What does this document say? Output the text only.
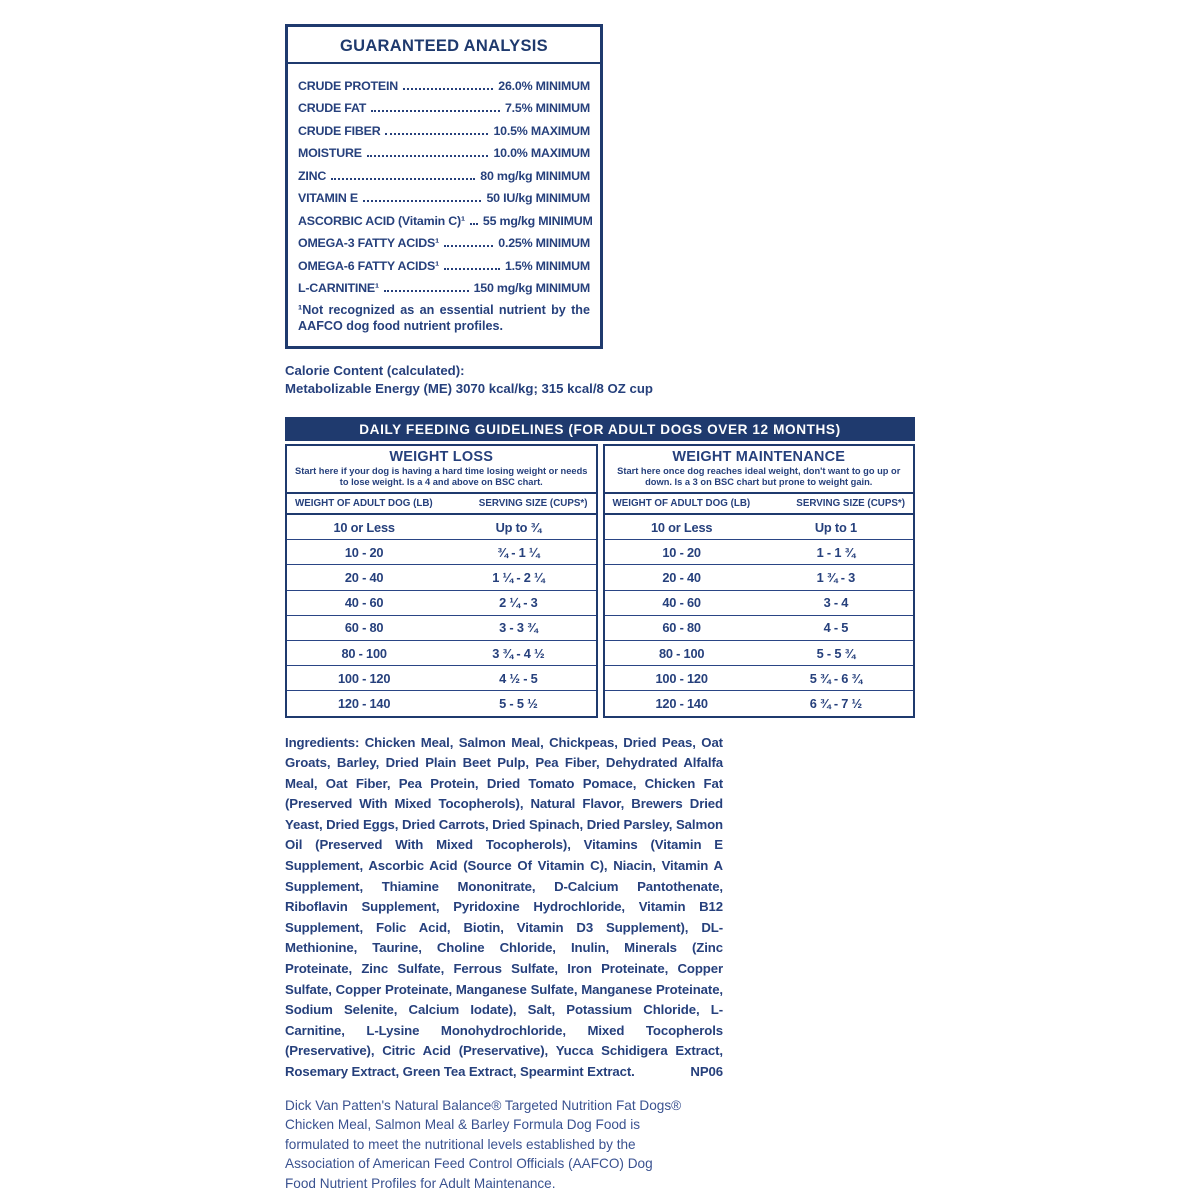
GUARANTEED ANALYSIS
CRUDE PROTEIN	26.0% MINIMUM
CRUDE FAT	7.5% MINIMUM
CRUDE FIBER	10.5% MAXIMUM
MOISTURE	10.0% MAXIMUM
ZINC	80 mg/kg MINIMUM
VITAMIN E	50 IU/kg MINIMUM
ASCORBIC ACID (Vitamin C)¹ 55 mg/kg MINIMUM
OMEGA-3 FATTY ACIDS¹	0.25% MINIMUM
OMEGA-6 FATTY ACIDS¹	1.5% MINIMUM
L-CARNITINE¹	150 mg/kg MINIMUM
¹Not recognized as an essential nutrient by the AAFCO dog food nutrient profiles.
Calorie Content (calculated):
Metabolizable Energy (ME) 3070 kcal/kg; 315 kcal/8 OZ cup
DAILY FEEDING GUIDELINES (FOR ADULT DOGS OVER 12 MONTHS)
WEIGHT LOSS
Start here if your dog is having a hard time losing weight or needs to lose weight. Is a 4 and above on BSC chart.
WEIGHT OF ADULT DOG (LB)	SERVING SIZE (CUPS*)
10 or Less	Up to ¾
10 - 20	¾ - 1 ¼
20 - 40	1 ¼ - 2 ¼
40 - 60	2 ¼ - 3
60 - 80	3 - 3 ¾
80 - 100	3 ¾ - 4 ½
100 - 120	4 ½ - 5
120 - 140	5 - 5 ½
WEIGHT MAINTENANCE
Start here once dog reaches ideal weight, don't want to go up or down. Is a 3 on BSC chart but prone to weight gain.
WEIGHT OF ADULT DOG (LB)	SERVING SIZE (CUPS*)
10 or Less	Up to 1
10 - 20	1 - 1 ¾
20 - 40	1 ¾ - 3
40 - 60	3 - 4
60 - 80	4 - 5
80 - 100	5 - 5 ¾
100 - 120	5 ¾ - 6 ¾
120 - 140	6 ¾ - 7 ½
Ingredients: Chicken Meal, Salmon Meal, Chickpeas, Dried Peas, Oat Groats, Barley, Dried Plain Beet Pulp, Pea Fiber, Dehydrated Alfalfa Meal, Oat Fiber, Pea Protein, Dried Tomato Pomace, Chicken Fat (Preserved With Mixed Tocopherols), Natural Flavor, Brewers Dried Yeast, Dried Eggs, Dried Carrots, Dried Spinach, Dried Parsley, Salmon Oil (Preserved With Mixed Tocopherols), Vitamins (Vitamin E Supplement, Ascorbic Acid (Source Of Vitamin C), Niacin, Vitamin A Supplement, Thiamine Mononitrate, D-Calcium Pantothenate, Riboflavin Supplement, Pyridoxine Hydrochloride, Vitamin B12 Supplement, Folic Acid, Biotin, Vitamin D3 Supplement), DL-Methionine, Taurine, Choline Chloride, Inulin, Minerals (Zinc Proteinate, Zinc Sulfate, Ferrous Sulfate, Iron Proteinate, Copper Sulfate, Copper Proteinate, Manganese Sulfate, Manganese Proteinate, Sodium Selenite, Calcium Iodate), Salt, Potassium Chloride, L-Carnitine, L-Lysine Monohydrochloride, Mixed Tocopherols (Preservative), Citric Acid (Preservative), Yucca Schidigera Extract, Rosemary Extract, Green Tea Extract, Spearmint Extract.	NP06
Dick Van Patten's Natural Balance® Targeted Nutrition Fat Dogs® Chicken Meal, Salmon Meal & Barley Formula Dog Food is formulated to meet the nutritional levels established by the Association of American Feed Control Officials (AAFCO) Dog Food Nutrient Profiles for Adult Maintenance.
